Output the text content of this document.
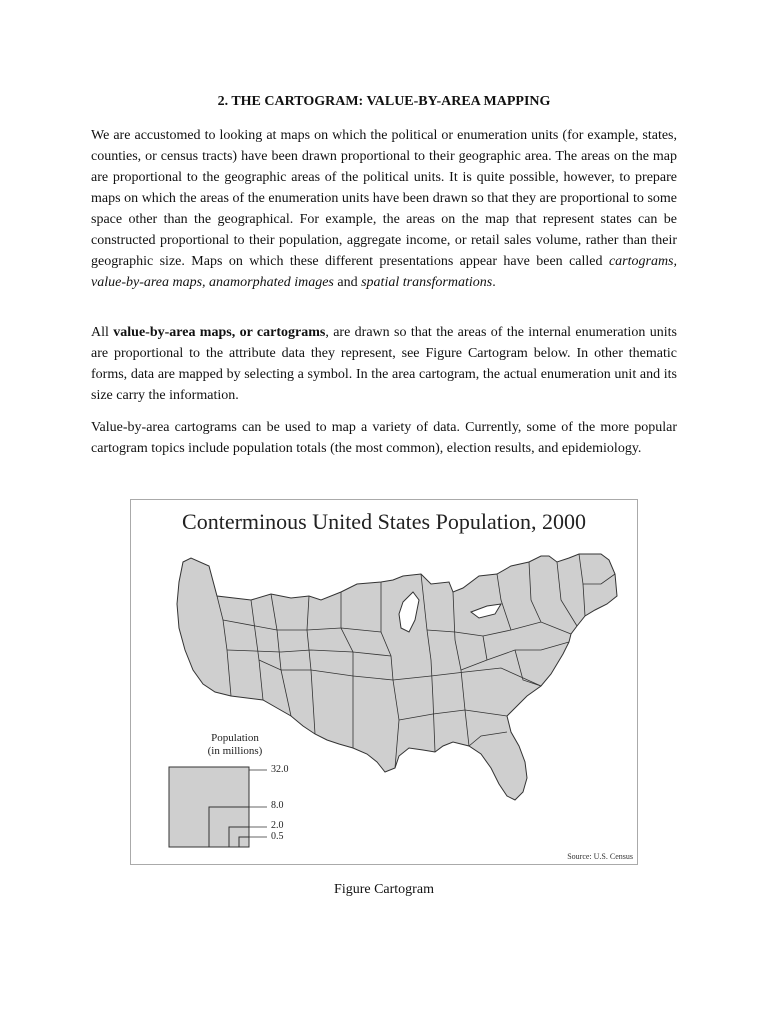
2. THE CARTOGRAM: VALUE-BY-AREA MAPPING

We are accustomed to looking at maps on which the political or enumeration units (for example, states, counties, or census tracts) have been drawn proportional to their geographic area. The areas on the map are proportional to the geographic areas of the political units. It is quite possible, however, to prepare maps on which the areas of the enumeration units have been drawn so that they are proportional to some space other than the geographical. For example, the areas on the map that represent states can be constructed proportional to their population, aggregate income, or retail sales volume, rather than their geographic size. Maps on which these different presentations appear have been called cartograms, value-by-area maps, anamorphated images and spatial transformations.

All value-by-area maps, or cartograms, are drawn so that the areas of the internal enumeration units are proportional to the attribute data they represent, see Figure Cartogram below. In other thematic forms, data are mapped by selecting a symbol. In the area cartogram, the actual enumeration unit and its size carry the information.

Value-by-area cartograms can be used to map a variety of data. Currently, some of the more popular cartogram topics include population totals (the most common), election results, and epidemiology.

Conterminous United States Population, 2000
Population
(in millions)
32.0
8.0
2.0
0.5
Source: U.S. Census
Figure Cartogram
